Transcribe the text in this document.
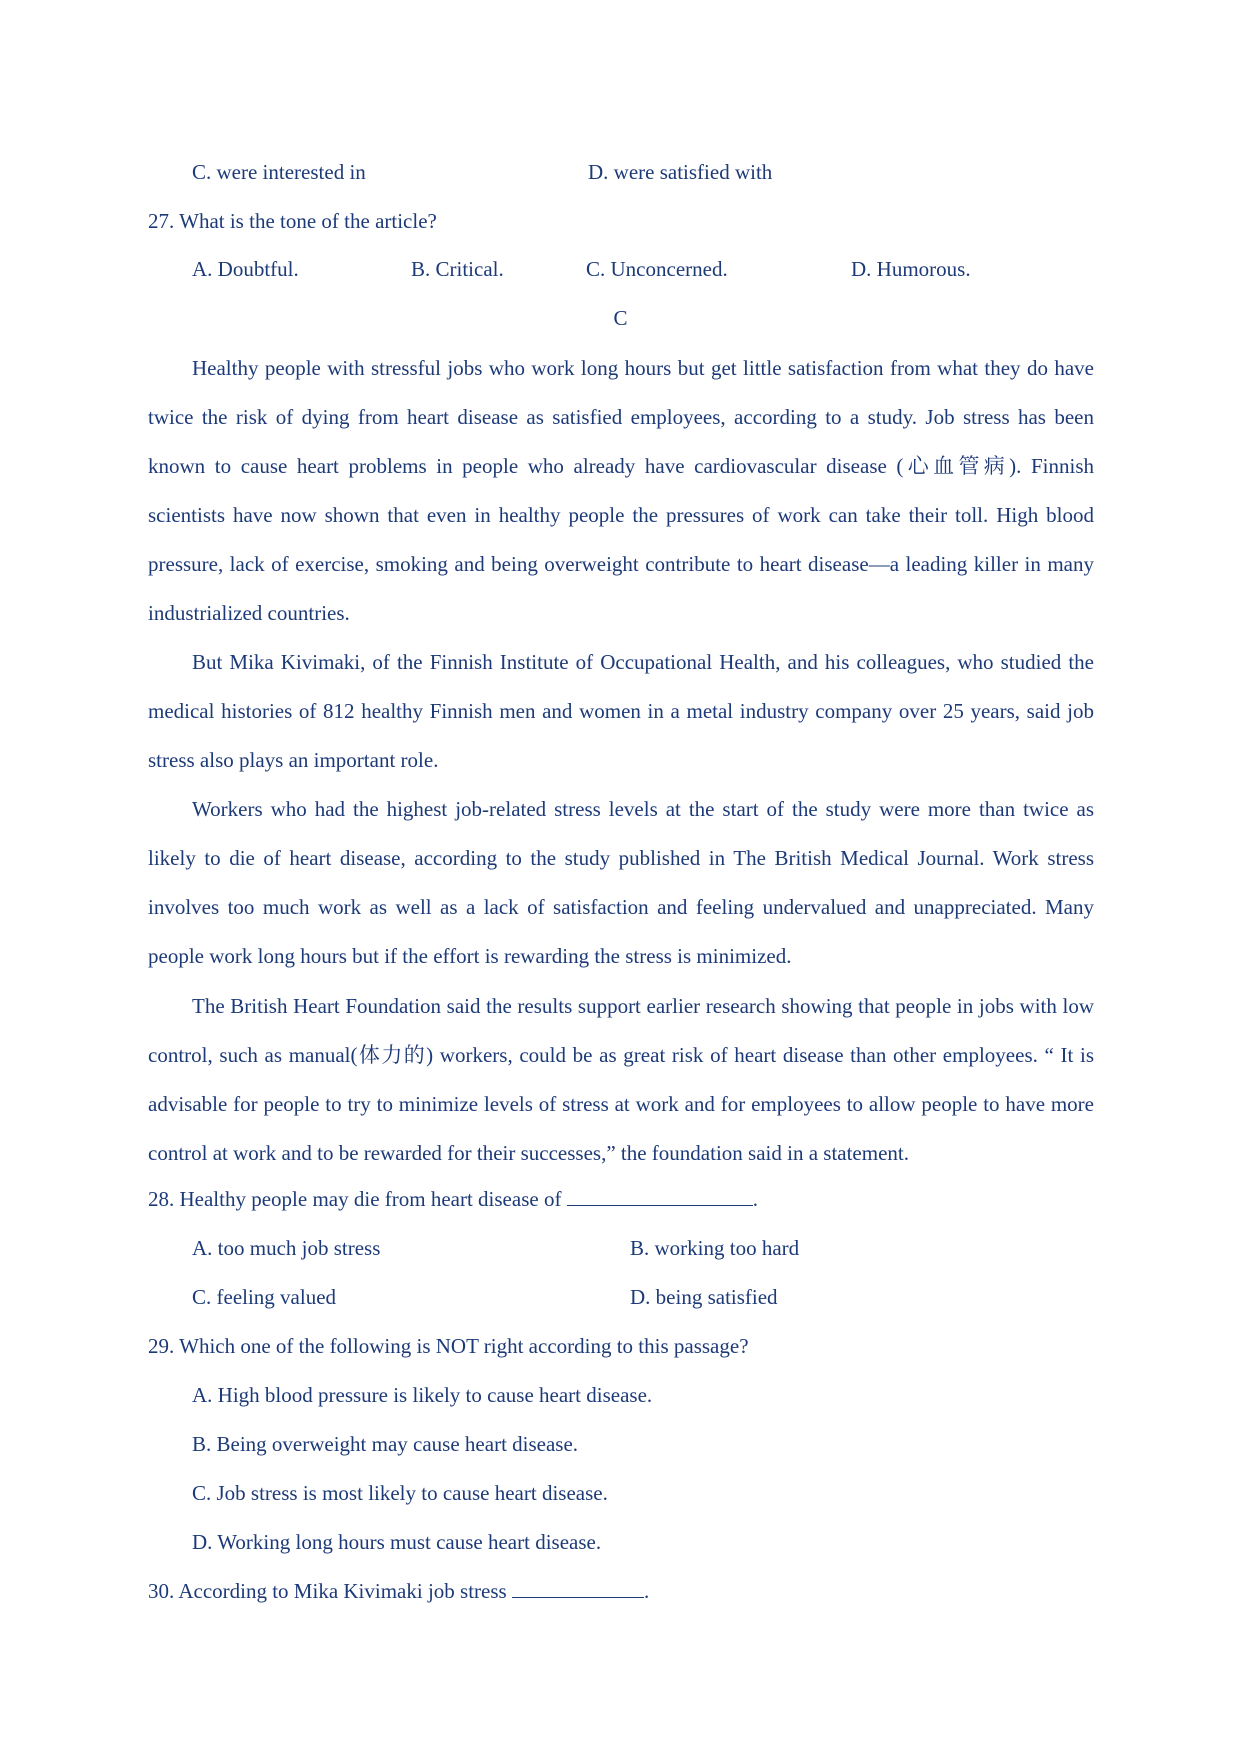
C. were interested in	D. were satisfied with
27. What is the tone of the article?
A. Doubtful.	B. Critical.	C. Unconcerned.	D. Humorous.
C

Healthy people with stressful jobs who work long hours but get little satisfaction from what they do have twice the risk of dying from heart disease as satisfied employees, according to a study. Job stress has been known to cause heart problems in people who already have cardiovascular disease (心血管病). Finnish scientists have now shown that even in healthy people the pressures of work can take their toll. High blood pressure, lack of exercise, smoking and being overweight contribute to heart disease—a leading killer in many industrialized countries.

But Mika Kivimaki, of the Finnish Institute of Occupational Health, and his colleagues, who studied the medical histories of 812 healthy Finnish men and women in a metal industry company over 25 years, said job stress also plays an important role.

Workers who had the highest job-related stress levels at the start of the study were more than twice as likely to die of heart disease, according to the study published in The British Medical Journal. Work stress involves too much work as well as a lack of satisfaction and feeling undervalued and unappreciated. Many people work long hours but if the effort is rewarding the stress is minimized.

The British Heart Foundation said the results support earlier research showing that people in jobs with low control, such as manual(体力的) workers, could be as great risk of heart disease than other employees. “ It is advisable for people to try to minimize levels of stress at work and for employees to allow people to have more control at work and to be rewarded for their successes,” the foundation said in a statement.

28. Healthy people may die from heart disease of	.
A. too much job stress	B. working too hard
C. feeling valued	D. being satisfied
29. Which one of the following is NOT right according to this passage?
A. High blood pressure is likely to cause heart disease.
B. Being overweight may cause heart disease.
C. Job stress is most likely to cause heart disease.
D. Working long hours must cause heart disease.
30. According to Mika Kivimaki job stress	.
